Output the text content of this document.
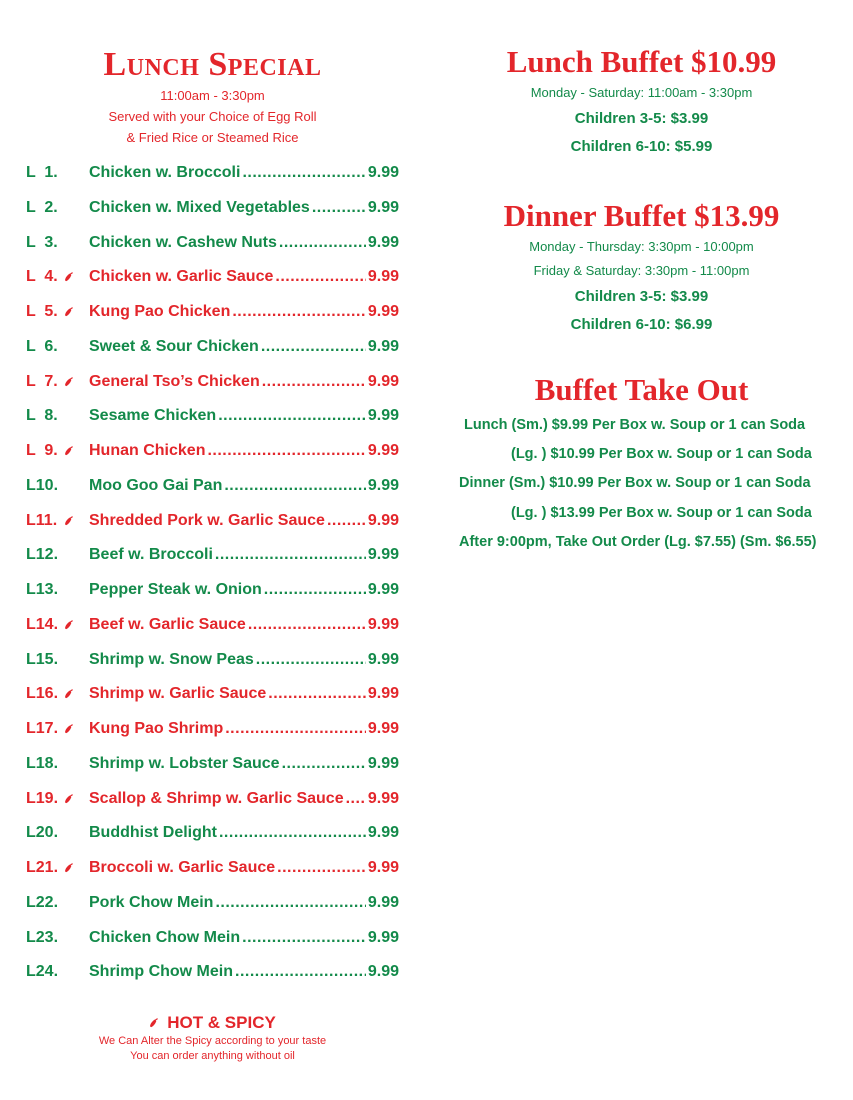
Lunch Special
11:00am - 3:30pm
Served with your Choice of Egg Roll
& Fried Rice or Steamed Rice
L  1.	Chicken w. Broccoli .....	9.99
L  2.	Chicken w. Mixed Vegetables .....	9.99
L  3.	Chicken w. Cashew Nuts .....	9.99
L  4.	Chicken w. Garlic Sauce .....	9.99
L  5.	Kung Pao Chicken .....	9.99
L  6.	Sweet & Sour Chicken .....	9.99
L  7.	General Tso’s Chicken .....	9.99
L  8.	Sesame Chicken .....	9.99
L  9.	Hunan Chicken .....	9.99
L10.	Moo Goo Gai Pan .....	9.99
L11.	Shredded Pork w. Garlic Sauce .....	9.99
L12.	Beef w. Broccoli .....	9.99
L13.	Pepper Steak w. Onion .....	9.99
L14.	Beef w. Garlic Sauce .....	9.99
L15.	Shrimp w. Snow Peas .....	9.99
L16.	Shrimp w. Garlic Sauce .....	9.99
L17.	Kung Pao Shrimp .....	9.99
L18.	Shrimp w. Lobster Sauce .....	9.99
L19.	Scallop & Shrimp w. Garlic Sauce ..... 9.99
L20.	Buddhist Delight .....	9.99
L21.	Broccoli w. Garlic Sauce .....	9.99
L22.	Pork Chow Mein .....	9.99
L23.	Chicken Chow Mein .....	9.99
L24.	Shrimp Chow Mein .....	9.99
HOT & SPICY
We Can Alter the Spicy according to your taste
You can order anything without oil
Lunch Buffet $10.99
Monday - Saturday: 11:00am - 3:30pm
Children 3-5: $3.99
Children 6-10: $5.99
Dinner Buffet $13.99
Monday - Thursday: 3:30pm - 10:00pm
Friday & Saturday: 3:30pm - 11:00pm
Children 3-5: $3.99
Children 6-10: $6.99
Buffet Take Out
Lunch (Sm.) $9.99 Per Box w. Soup or 1 can Soda
(Lg. ) $10.99 Per Box w. Soup or 1 can Soda
Dinner (Sm.) $10.99 Per Box w. Soup or 1 can Soda
(Lg. ) $13.99 Per Box w. Soup or 1 can Soda
After 9:00pm, Take Out Order (Lg. $7.55) (Sm. $6.55)
